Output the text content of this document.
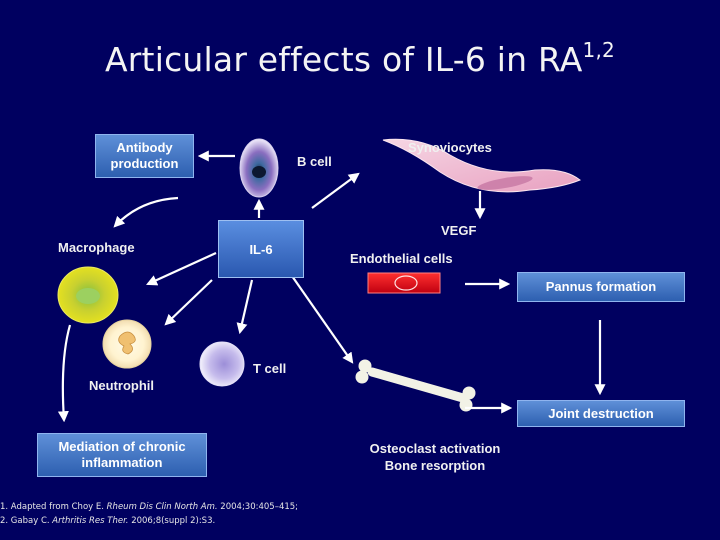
Articular effects of IL-6 in RA$^{1,2}$
Antibody production	B cell
Synoviocytes
VEGF
Macrophage	IL-6
Endothelial cells
Pannus formation
Neutrophil
T cell
Joint destruction
Mediation of chronic inflammation
Osteoclast activation
Bone resorption
1. Adapted from Choy E. Rheum Dis Clin North Am. 2004;30:405–415;
2. Gabay C. Arthritis Res Ther. 2006;8(suppl 2):S3.
